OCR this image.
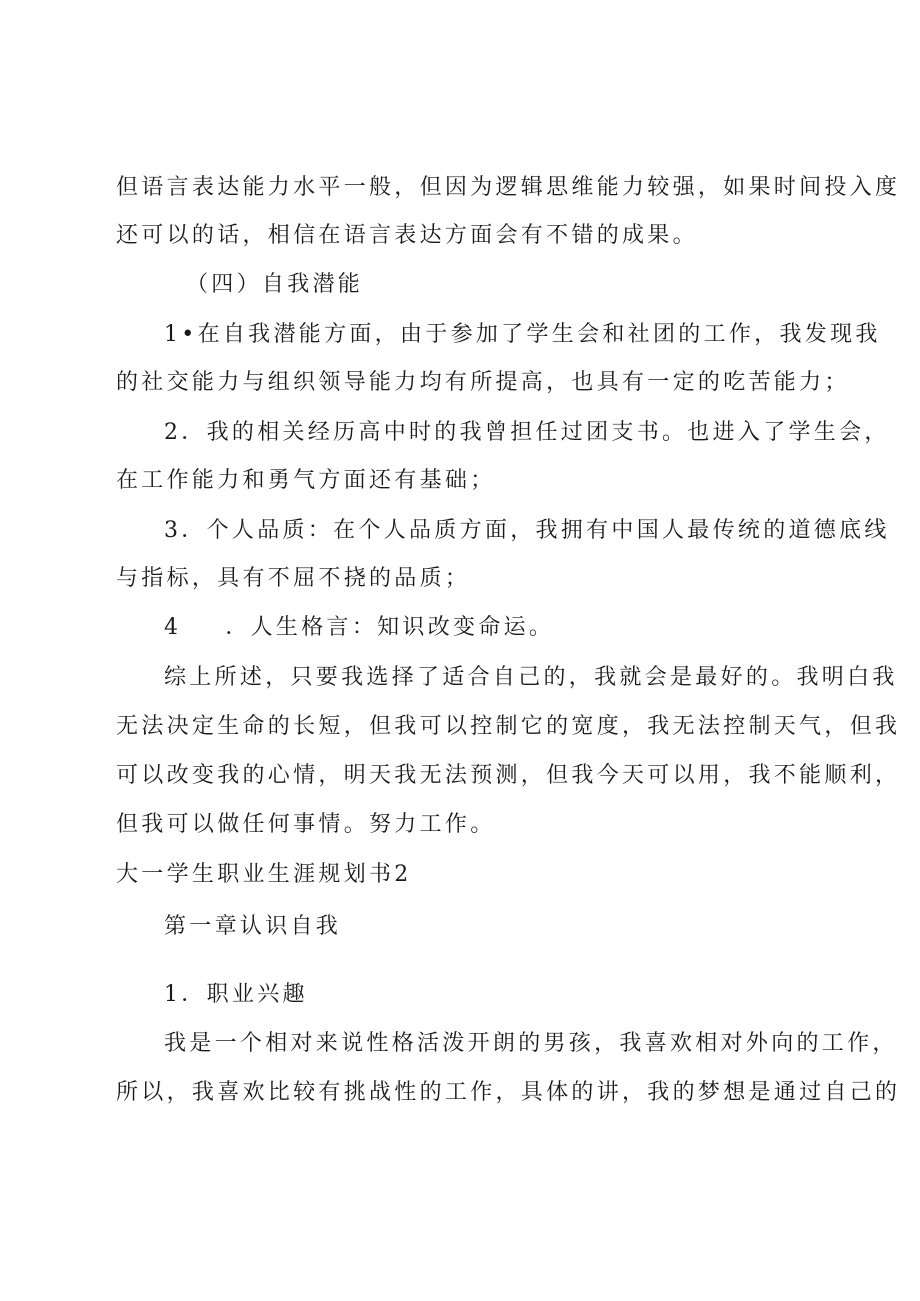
但语言表达能力水平一般，但因为逻辑思维能力较强，如果时间投入度
还可以的话，相信在语言表达方面会有不错的成果。
（四）自我潜能
1•在自我潜能方面，由于参加了学生会和社团的工作，我发现我
的社交能力与组织领导能力均有所提高，也具有一定的吃苦能力；
2．我的相关经历高中时的我曾担任过团支书。也进入了学生会，
在工作能力和勇气方面还有基础；
3．个人品质：在个人品质方面，我拥有中国人最传统的道德底线
与指标，具有不屈不挠的品质；
4 ．人生格言：知识改变命运。
综上所述，只要我选择了适合自己的，我就会是最好的。我明白我
无法决定生命的长短，但我可以控制它的宽度，我无法控制天气，但我
可以改变我的心情，明天我无法预测，但我今天可以用，我不能顺利，
但我可以做任何事情。努力工作。
大一学生职业生涯规划书2
第一章认识自我
1．职业兴趣
我是一个相对来说性格活泼开朗的男孩，我喜欢相对外向的工作，
所以，我喜欢比较有挑战性的工作，具体的讲，我的梦想是通过自己的
